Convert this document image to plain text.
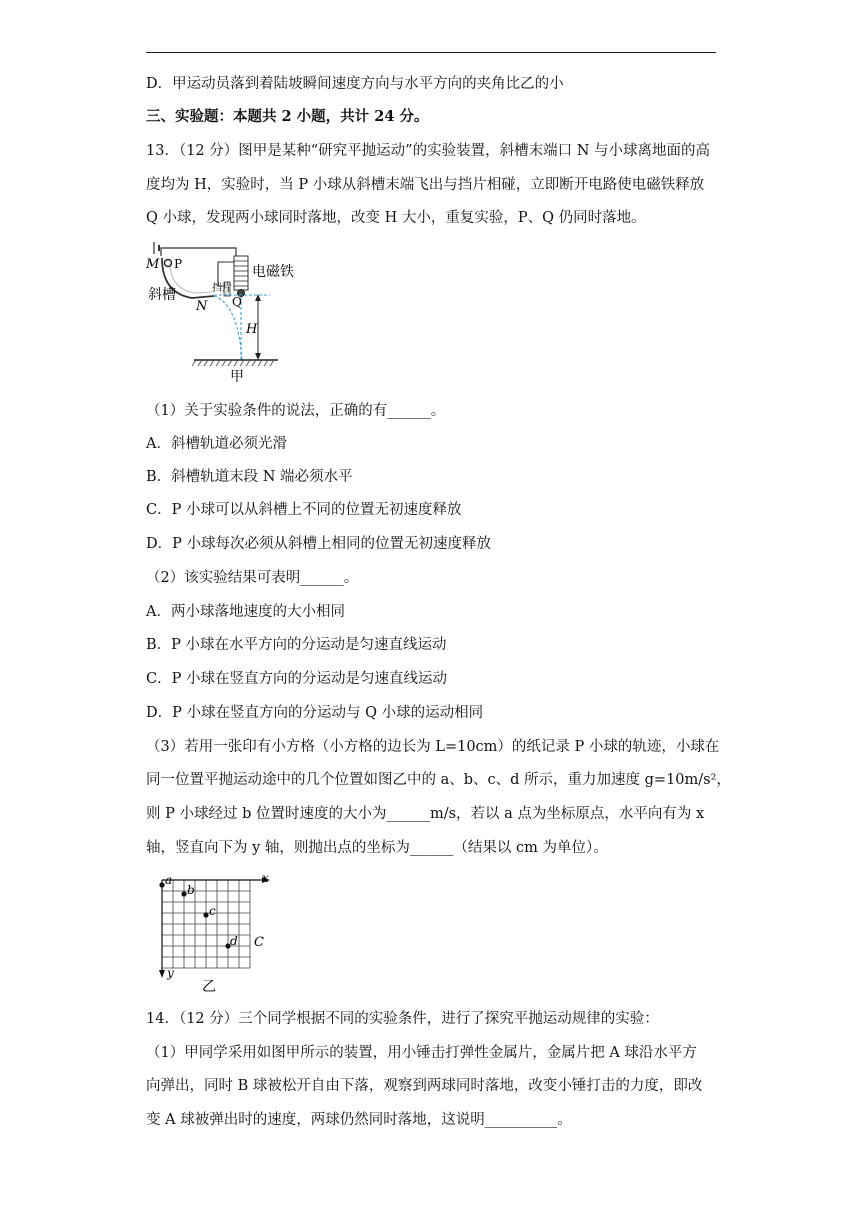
D．甲运动员落到着陆坡瞬间速度方向与水平方向的夹角比乙的小
三、实验题：本题共 2 小题，共计 24 分。
13．（12 分）图甲是某种“研究平抛运动”的实验装置，斜槽末端口 N 与小球离地面的高
度均为 H，实验时，当 P 小球从斜槽末端飞出与挡片相碰，立即断开电路使电磁铁释放
Q 小球，发现两小球同时落地，改变 H 大小，重复实验，P、Q 仍同时落地。
M P	电磁铁
斜槽	挡片
N Q
H
甲
（1）关于实验条件的说法，正确的有______。
A．斜槽轨道必须光滑
B．斜槽轨道末段 N 端必须水平
C．P 小球可以从斜槽上不同的位置无初速度释放
D．P 小球每次必须从斜槽上相同的位置无初速度释放
（2）该实验结果可表明______。
A．两小球落地速度的大小相同
B．P 小球在水平方向的分运动是匀速直线运动
C．P 小球在竖直方向的分运动是匀速直线运动
D．P 小球在竖直方向的分运动与 Q 小球的运动相同
（3）若用一张印有小方格（小方格的边长为 L=10cm）的纸记录 P 小球的轨迹，小球在
同一位置平抛运动途中的几个位置如图乙中的 a、b、c、d 所示，重力加速度 g=10m/s²，
则 P 小球经过 b 位置时速度的大小为______m/s，若以 a 点为坐标原点，水平向有为 x
轴，竖直向下为 y 轴，则抛出点的坐标为______（结果以 cm 为单位）。
a
b
c
d
x
y
C
乙
14．（12 分）三个同学根据不同的实验条件，进行了探究平抛运动规律的实验：
（1）甲同学采用如图甲所示的装置，用小锤击打弹性金属片，金属片把 A 球沿水平方
向弹出，同时 B 球被松开自由下落，观察到两球同时落地，改变小锤打击的力度，即改
变 A 球被弹出时的速度，两球仍然同时落地，这说明__________。
